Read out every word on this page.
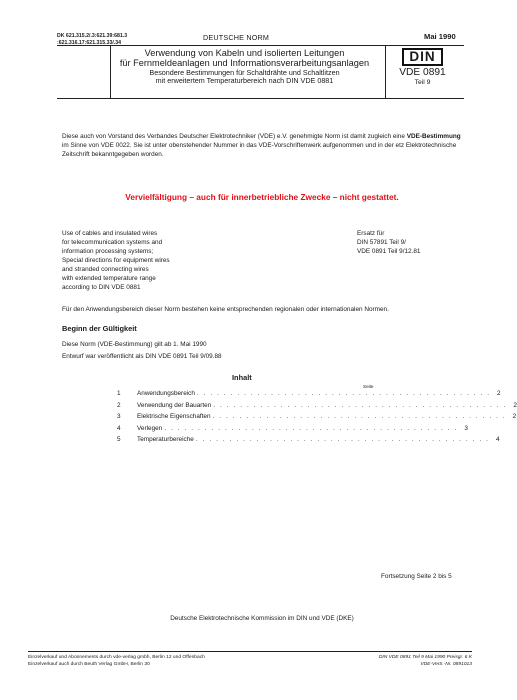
DK 621.315.2/.3:621.39:681.3
:621.316.17:621.315.33/.34
DEUTSCHE NORM	Mai 1990
Verwendung von Kabeln und isolierten Leitungen
für Fernmeldeanlagen und Informationsverarbeitungsanlagen
Besondere Bestimmungen für Schaltdrähte und Schaltlitzen
mit erweitertem Temperaturbereich nach DIN VDE 0881
DIN
VDE 0891
Teil 9
Diese auch von Vorstand des Verbandes Deutscher Elektrotechniker (VDE) e.V. genehmigte Norm ist damit zugleich eine VDE-Bestimmung im Sinne von VDE 0022. Sie ist unter obenstehender Nummer in das VDE-Vorschriftenwerk aufgenommen und in der etz Elektrotechnische Zeitschrift bekanntgegeben worden.
Vervielfältigung – auch für innerbetriebliche Zwecke – nicht gestattet.
Use of cables and insulated wires
for telecommunication systems and
information processing systems;
Special directions for equipment wires
and stranded connecting wires
with extended temperature range
according to DIN VDE 0881
Ersatz für
DIN 57891 Teil 9/
VDE 0891 Teil 9/12.81
Für den Anwendungsbereich dieser Norm bestehen keine entsprechenden regionalen oder internationalen Normen.
Beginn der Gültigkeit
Diese Norm (VDE-Bestimmung) gilt ab 1. Mai 1990
Entwurf war veröffentlicht als DIN VDE 0891 Teil 9/09.88
Inhalt
Seite
1	Anwendungsbereich . . . . . . . . . . . . . . . . . . . . . . . . . . . . . . . . . . . . . . . . . . . .	2
2	Verwendung der Bauarten . . . . . . . . . . . . . . . . . . . . . . . . . . . . . . . . . . . . . . . . . . . .	2
3	Elektrische Eigenschaften . . . . . . . . . . . . . . . . . . . . . . . . . . . . . . . . . . . . . . . . . . . .	2
4	Verlegen . . . . . . . . . . . . . . . . . . . . . . . . . . . . . . . . . . . . . . . . . . . .	3
5	Temperaturbereiche . . . . . . . . . . . . . . . . . . . . . . . . . . . . . . . . . . . . . . . . . . . .	4
Fortsetzung Seite 2 bis 5
Deutsche Elektrotechnische Kommission im DIN und VDE (DKE)
Einzelverkauf und Abonnements durch vde-verlag gmbh, Berlin 12 und Offenbach
Einzelverkauf auch durch Beuth Verlag GmbH, Berlin 30
DIN VDE 0891 Teil 9 Mai 1990 Preisgr. 6 K
VDE-Vertr.-Nr. 0891013
